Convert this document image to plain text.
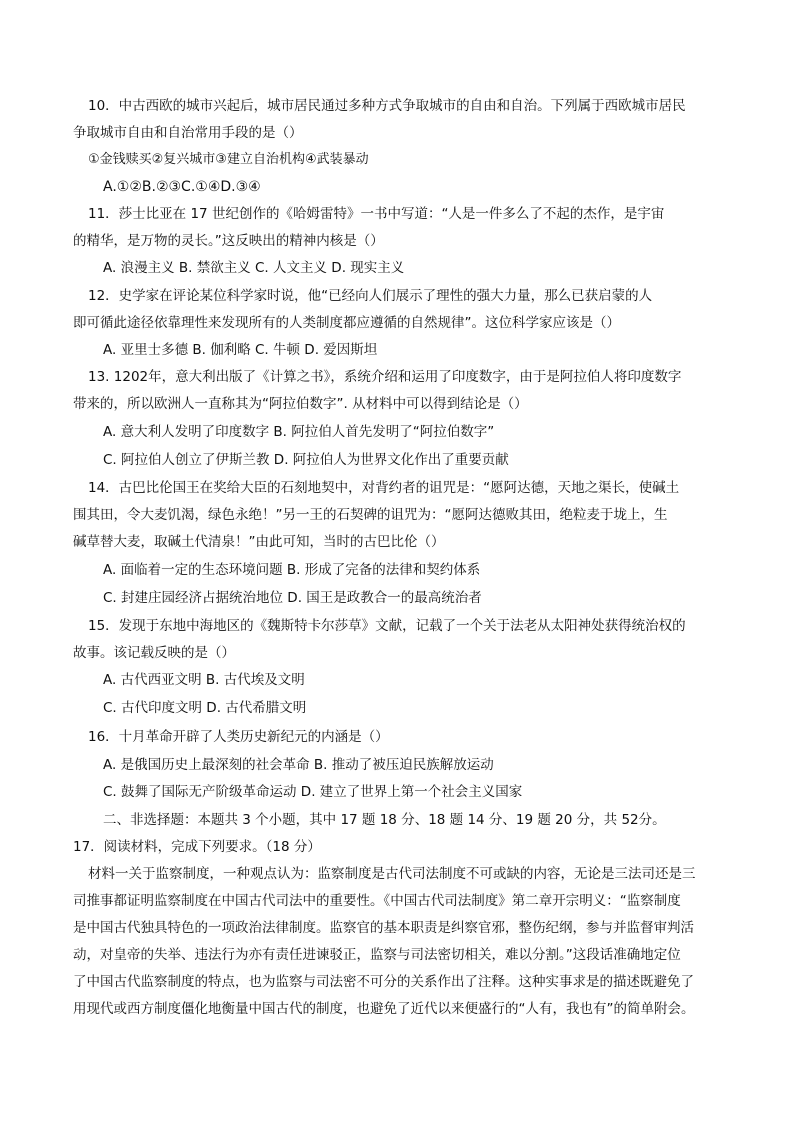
10．中古西欧的城市兴起后，城市居民通过多种方式争取城市的自由和自治。下列属于西欧城市居民
争取城市自由和自治常用手段的是（）
①金钱赎买②复兴城市③建立自治机构④武装暴动
A.①②B.②③C.①④D.③④
11．莎士比亚在 17 世纪创作的《哈姆雷特》一书中写道：“人是一件多么了不起的杰作，是宇宙
的精华，是万物的灵长。”这反映出的精神内核是（）
A. 浪漫主义 B. 禁欲主义 C. 人文主义 D. 现实主义
12．史学家在评论某位科学家时说，他“已经向人们展示了理性的强大力量，那么已获启蒙的人
即可循此途径依靠理性来发现所有的人类制度都应遵循的自然规律”。这位科学家应该是（）
A. 亚里士多德 B. 伽利略 C. 牛顿 D. 爱因斯坦
13. 1202年，意大利出版了《计算之书》，系统介绍和运用了印度数字，由于是阿拉伯人将印度数字
带来的，所以欧洲人一直称其为“阿拉伯数字”. 从材料中可以得到结论是（）
A. 意大利人发明了印度数字 B. 阿拉伯人首先发明了“阿拉伯数字”
C. 阿拉伯人创立了伊斯兰教 D. 阿拉伯人为世界文化作出了重要贡献
14．古巴比伦国王在奖给大臣的石刻地契中，对背约者的诅咒是：“愿阿达德，天地之渠长，使碱土
围其田，令大麦饥渴，绿色永绝！”另一王的石契碑的诅咒为：“愿阿达德败其田，绝粒麦于垅上，生
碱草替大麦，取碱土代清泉！”由此可知，当时的古巴比伦（）
A. 面临着一定的生态环境问题 B. 形成了完备的法律和契约体系
C. 封建庄园经济占据统治地位 D. 国王是政教合一的最高统治者
15．发现于东地中海地区的《魏斯特卡尔莎草》文献，记载了一个关于法老从太阳神处获得统治权的
故事。该记载反映的是（）
A. 古代西亚文明 B. 古代埃及文明
C. 古代印度文明 D. 古代希腊文明
16．十月革命开辟了人类历史新纪元的内涵是（）
A. 是俄国历史上最深刻的社会革命 B. 推动了被压迫民族解放运动
C. 鼓舞了国际无产阶级革命运动 D. 建立了世界上第一个社会主义国家
二、非选择题：本题共 3 个小题，其中 17 题 18 分、18 题 14 分、19 题 20 分，共 52分。
17．阅读材料，完成下列要求。（18 分）
材料一关于监察制度，一种观点认为：监察制度是古代司法制度不可或缺的内容，无论是三法司还是三
司推事都证明监察制度在中国古代司法中的重要性。《中国古代司法制度》第二章开宗明义：“监察制度
是中国古代独具特色的一项政治法律制度。监察官的基本职责是纠察官邪，整伤纪纲，参与并监督审判活
动，对皇帝的失举、违法行为亦有责任进谏驳正，监察与司法密切相关，难以分割。”这段话准确地定位
了中国古代监察制度的特点，也为监察与司法密不可分的关系作出了注释。这种实事求是的描述既避免了
用现代或西方制度僵化地衡量中国古代的制度，也避免了近代以来便盛行的“人有，我也有”的简单附会。
